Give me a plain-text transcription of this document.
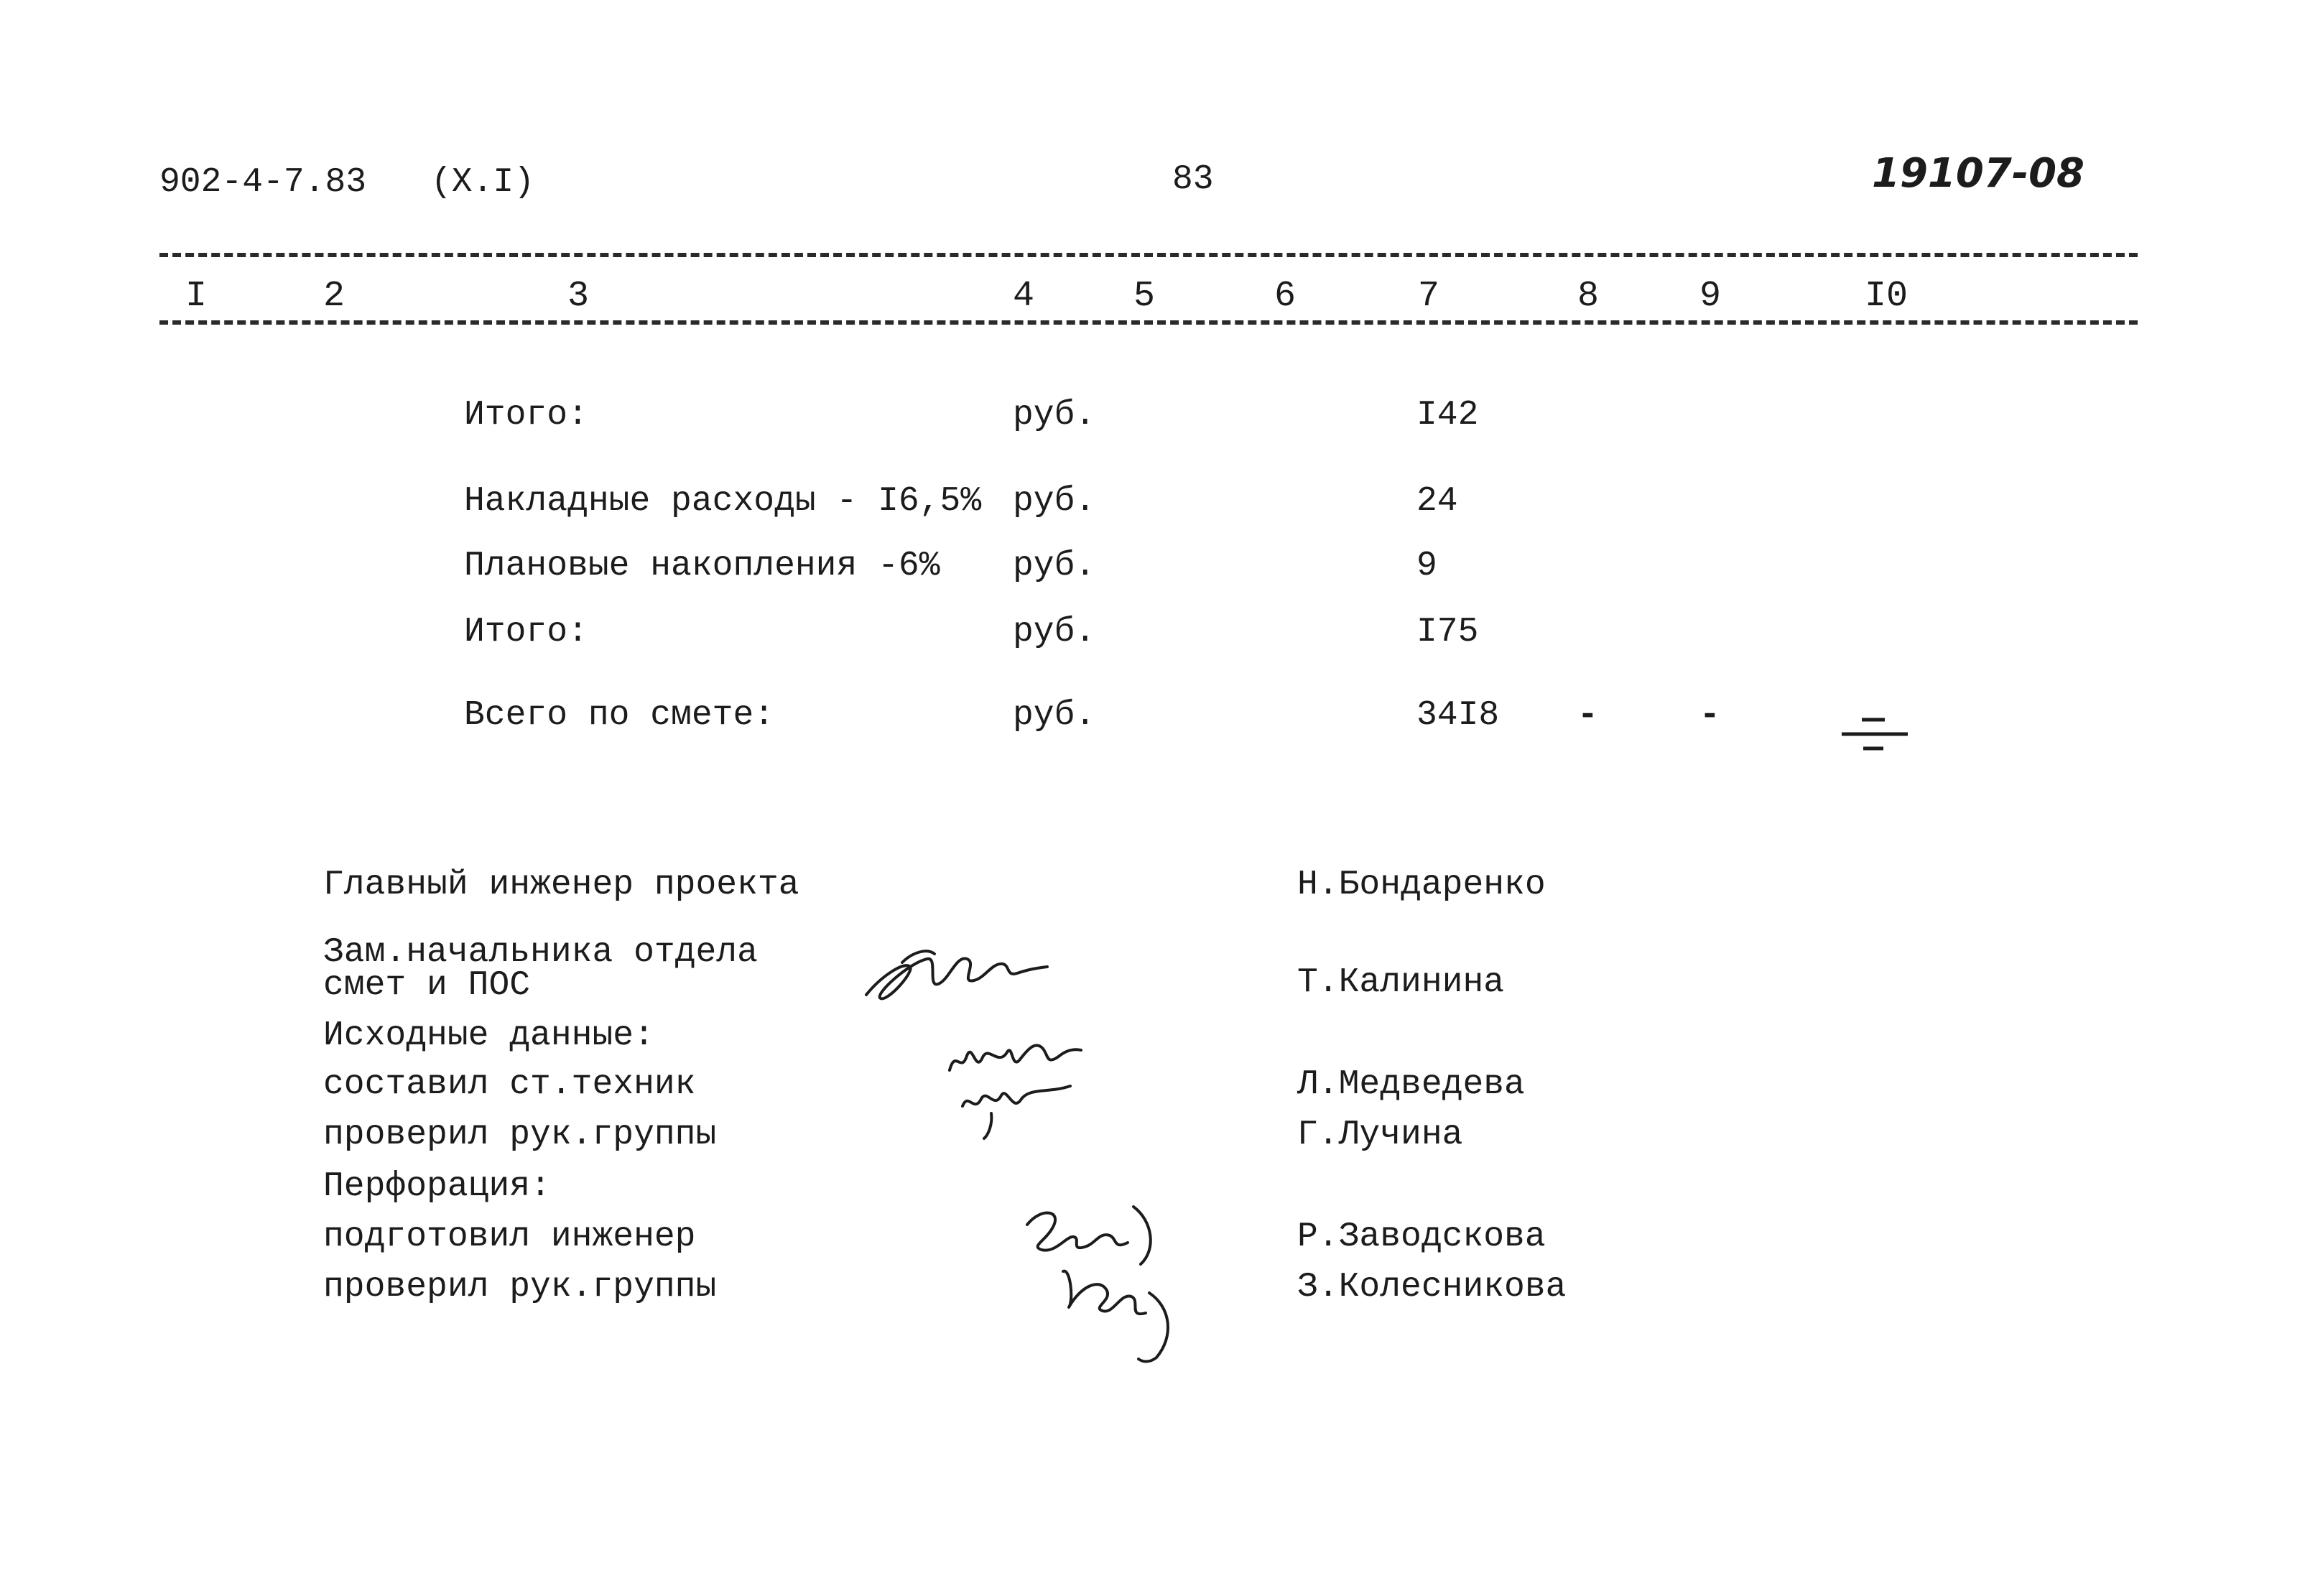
902-4-7.83 (X.I)	83	19107-08
I	2	3	4	5	6	7	8	9	I0
Итого:	руб.	I42
Накладные расходы - I6,5% руб.	24
Плановые накопления -6% руб.	9
Итого:	руб.	I75
Всего по смете:	руб.	34I8 -	-
Главный инженер проекта	Н.Бондаренко
Зам.начальника отдела
смет и ПОС	Т.Калинина
Исходные данные:
составил ст.техник	Л.Медведева
проверил рук.группы	Г.Лучина
Перфорация:
подготовил инженер	Р.Заводскова
проверил рук.группы	З.Колесникова
